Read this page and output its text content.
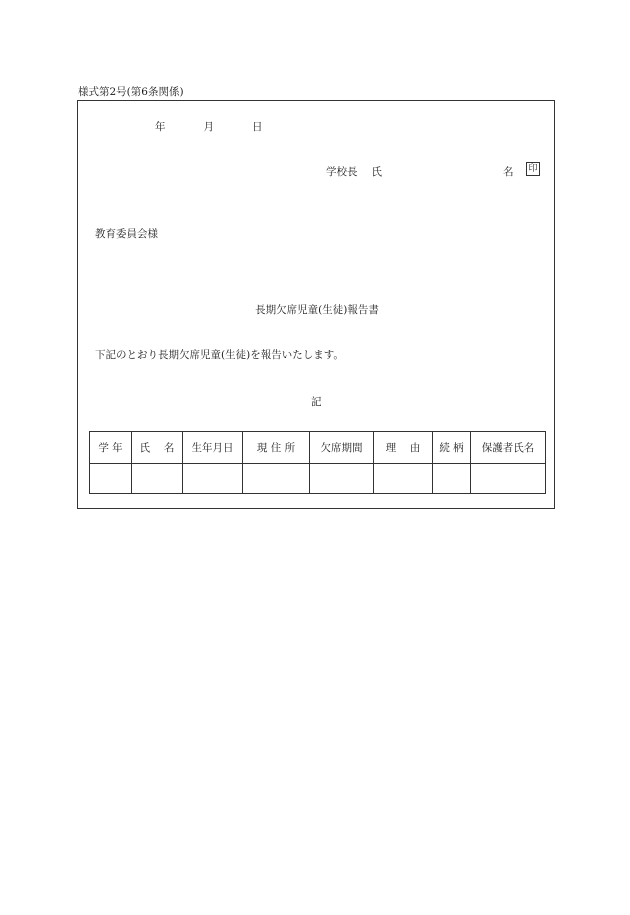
様式第2号(第6条関係)
年	月	日
学校長 氏	名 印
教育委員会様
長期欠席児童(生徒)報告書
下記のとおり長期欠席児童(生徒)を報告いたします。
記
学 年	氏　 名	生年月日	現 住 所	欠席期間	理　 由	続 柄	保護者氏名
